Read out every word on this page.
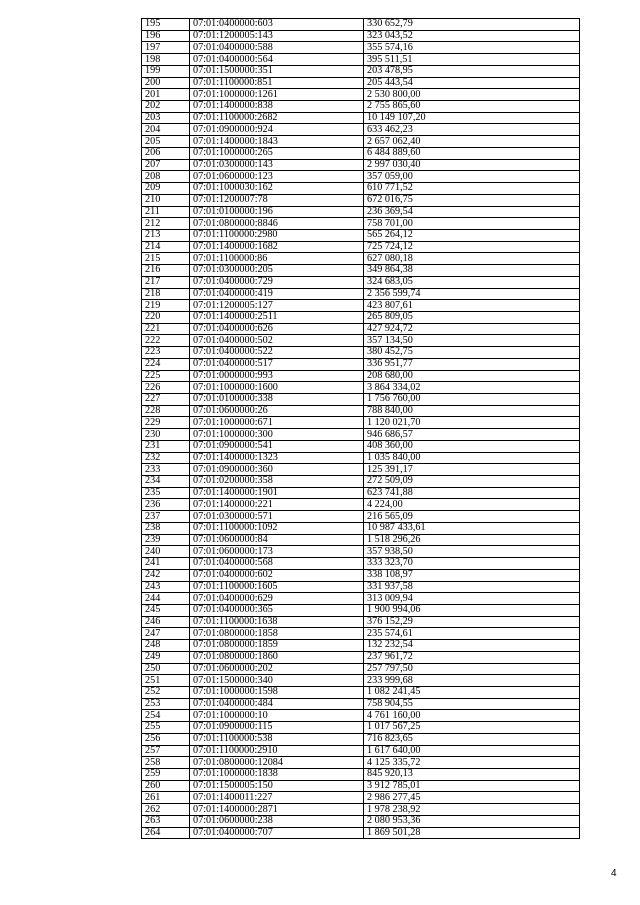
195	07:01:0400000:603	330 652,79
196	07:01:1200005:143	323 043,52
197	07:01:0400000:588	355 574,16
198	07:01:0400000:564	395 511,51
199	07:01:1500000:351	203 478,95
200	07:01:1100000:851	205 443,54
201	07:01:1000000:1261	2 530 800,00
202	07:01:1400000:838	2 755 865,60
203	07:01:1100000:2682	10 149 107,20
204	07:01:0900000:924	633 462,23
205	07:01:1400000:1843	2 657 062,40
206	07:01:1000000:265	6 484 889,60
207	07:01:0300000:143	2 997 030,40
208	07:01:0600000:123	357 059,00
209	07:01:1000030:162	610 771,52
210	07:01:1200007:78	672 016,75
211	07:01:0100000:196	236 369,54
212	07:01:0800000:8846	758 701,00
213	07:01:1100000:2980	565 264,12
214	07:01:1400000:1682	725 724,12
215	07:01:1100000:86	627 080,18
216	07:01:0300000:205	349 864,38
217	07:01:0400000:729	324 683,05
218	07:01:0400000:419	2 356 599,74
219	07:01:1200005:127	423 807,61
220	07:01:1400000:2511	265 809,05
221	07:01:0400000:626	427 924,72
222	07:01:0400000:502	357 134,50
223	07:01:0400000:522	380 452,75
224	07:01:0400000:517	336 951,77
225	07:01:0000000:993	208 680,00
226	07:01:1000000:1600	3 864 334,02
227	07:01:0100000:338	1 756 760,00
228	07:01:0600000:26	788 840,00
229	07:01:1000000:671	1 120 021,70
230	07:01:1000000:300	946 686,57
231	07:01:0900000:541	408 360,00
232	07:01:1400000:1323	1 035 840,00
233	07:01:0900000:360	125 391,17
234	07:01:0200000:358	272 509,09
235	07:01:1400000:1901	623 741,88
236	07:01:1400000:221	4 224,00
237	07:01:0300000:571	216 565,09
238	07:01:1100000:1092	10 987 433,61
239	07:01:0600000:84	1 518 296,26
240	07:01:0600000:173	357 938,50
241	07:01:0400000:568	333 323,70
242	07:01:0400000:602	338 108,97
243	07:01:1100000:1605	331 937,58
244	07:01:0400000:629	313 009,94
245	07:01:0400000:365	1 900 994,06
246	07:01:1100000:1638	376 152,29
247	07:01:0800000:1858	235 574,61
248	07:01:0800000:1859	132 232,54
249	07:01:0800000:1860	237 961,72
250	07:01:0600000:202	257 797,50
251	07:01:1500000:340	233 999,68
252	07:01:1000000:1598	1 082 241,45
253	07:01:0400000:484	758 904,55
254	07:01:1000000:10	4 761 160,00
255	07:01:0900000:115	1 017 567,25
256	07:01:1100000:538	716 823,65
257	07:01:1100000:2910	1 617 640,00
258	07:01:0800000:12084	4 125 335,72
259	07:01:1000000:1838	845 920,13
260	07:01:1500005:150	3 912 785,01
261	07:01:1400011:227	2 986 277,45
262	07:01:1400000:2871	1 978 238,92
263	07:01:0600000:238	2 080 953,36
264	07:01:0400000:707	1 869 501,28
4
